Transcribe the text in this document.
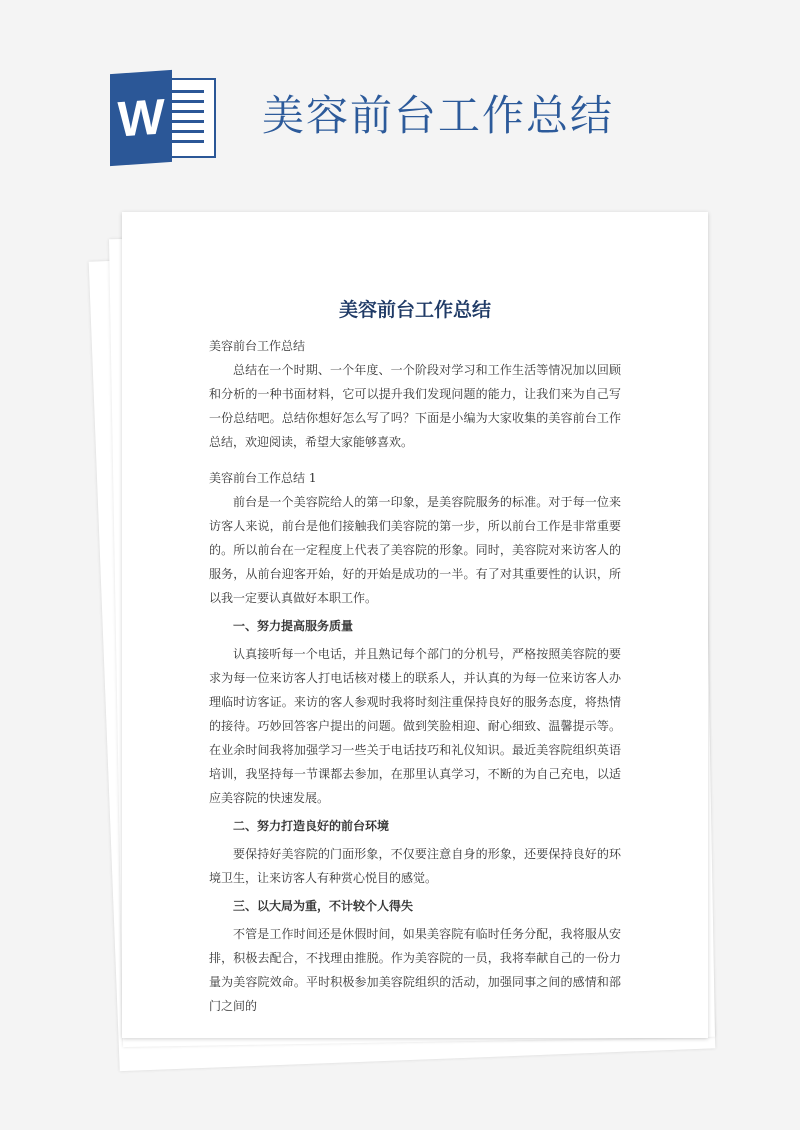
W 美容前台工作总结
美容前台工作总结

美容前台工作总结

总结在一个时期、一个年度、一个阶段对学习和工作生活等情况加以回顾和分析的一种书面材料，它可以提升我们发现问题的能力，让我们来为自己写一份总结吧。总结你想好怎么写了吗？下面是小编为大家收集的美容前台工作总结，欢迎阅读，希望大家能够喜欢。

美容前台工作总结 1

前台是一个美容院给人的第一印象，是美容院服务的标准。对于每一位来访客人来说，前台是他们接触我们美容院的第一步，所以前台工作是非常重要的。所以前台在一定程度上代表了美容院的形象。同时，美容院对来访客人的服务，从前台迎客开始，好的开始是成功的一半。有了对其重要性的认识，所以我一定要认真做好本职工作。

一、努力提高服务质量

认真接听每一个电话，并且熟记每个部门的分机号，严格按照美容院的要求为每一位来访客人打电话核对楼上的联系人，并认真的为每一位来访客人办理临时访客证。来访的客人参观时我将时刻注重保持良好的服务态度，将热情的接待。巧妙回答客户提出的问题。做到笑脸相迎、耐心细致、温馨提示等。在业余时间我将加强学习一些关于电话技巧和礼仪知识。最近美容院组织英语培训，我坚持每一节课都去参加，在那里认真学习，不断的为自己充电，以适应美容院的快速发展。

二、努力打造良好的前台环境

要保持好美容院的门面形象，不仅要注意自身的形象，还要保持良好的环境卫生，让来访客人有种赏心悦目的感觉。

三、以大局为重，不计较个人得失

不管是工作时间还是休假时间，如果美容院有临时任务分配，我将服从安排，积极去配合，不找理由推脱。作为美容院的一员，我将奉献自己的一份力量为美容院效命。平时积极参加美容院组织的活动，加强同事之间的感情和部门之间的
